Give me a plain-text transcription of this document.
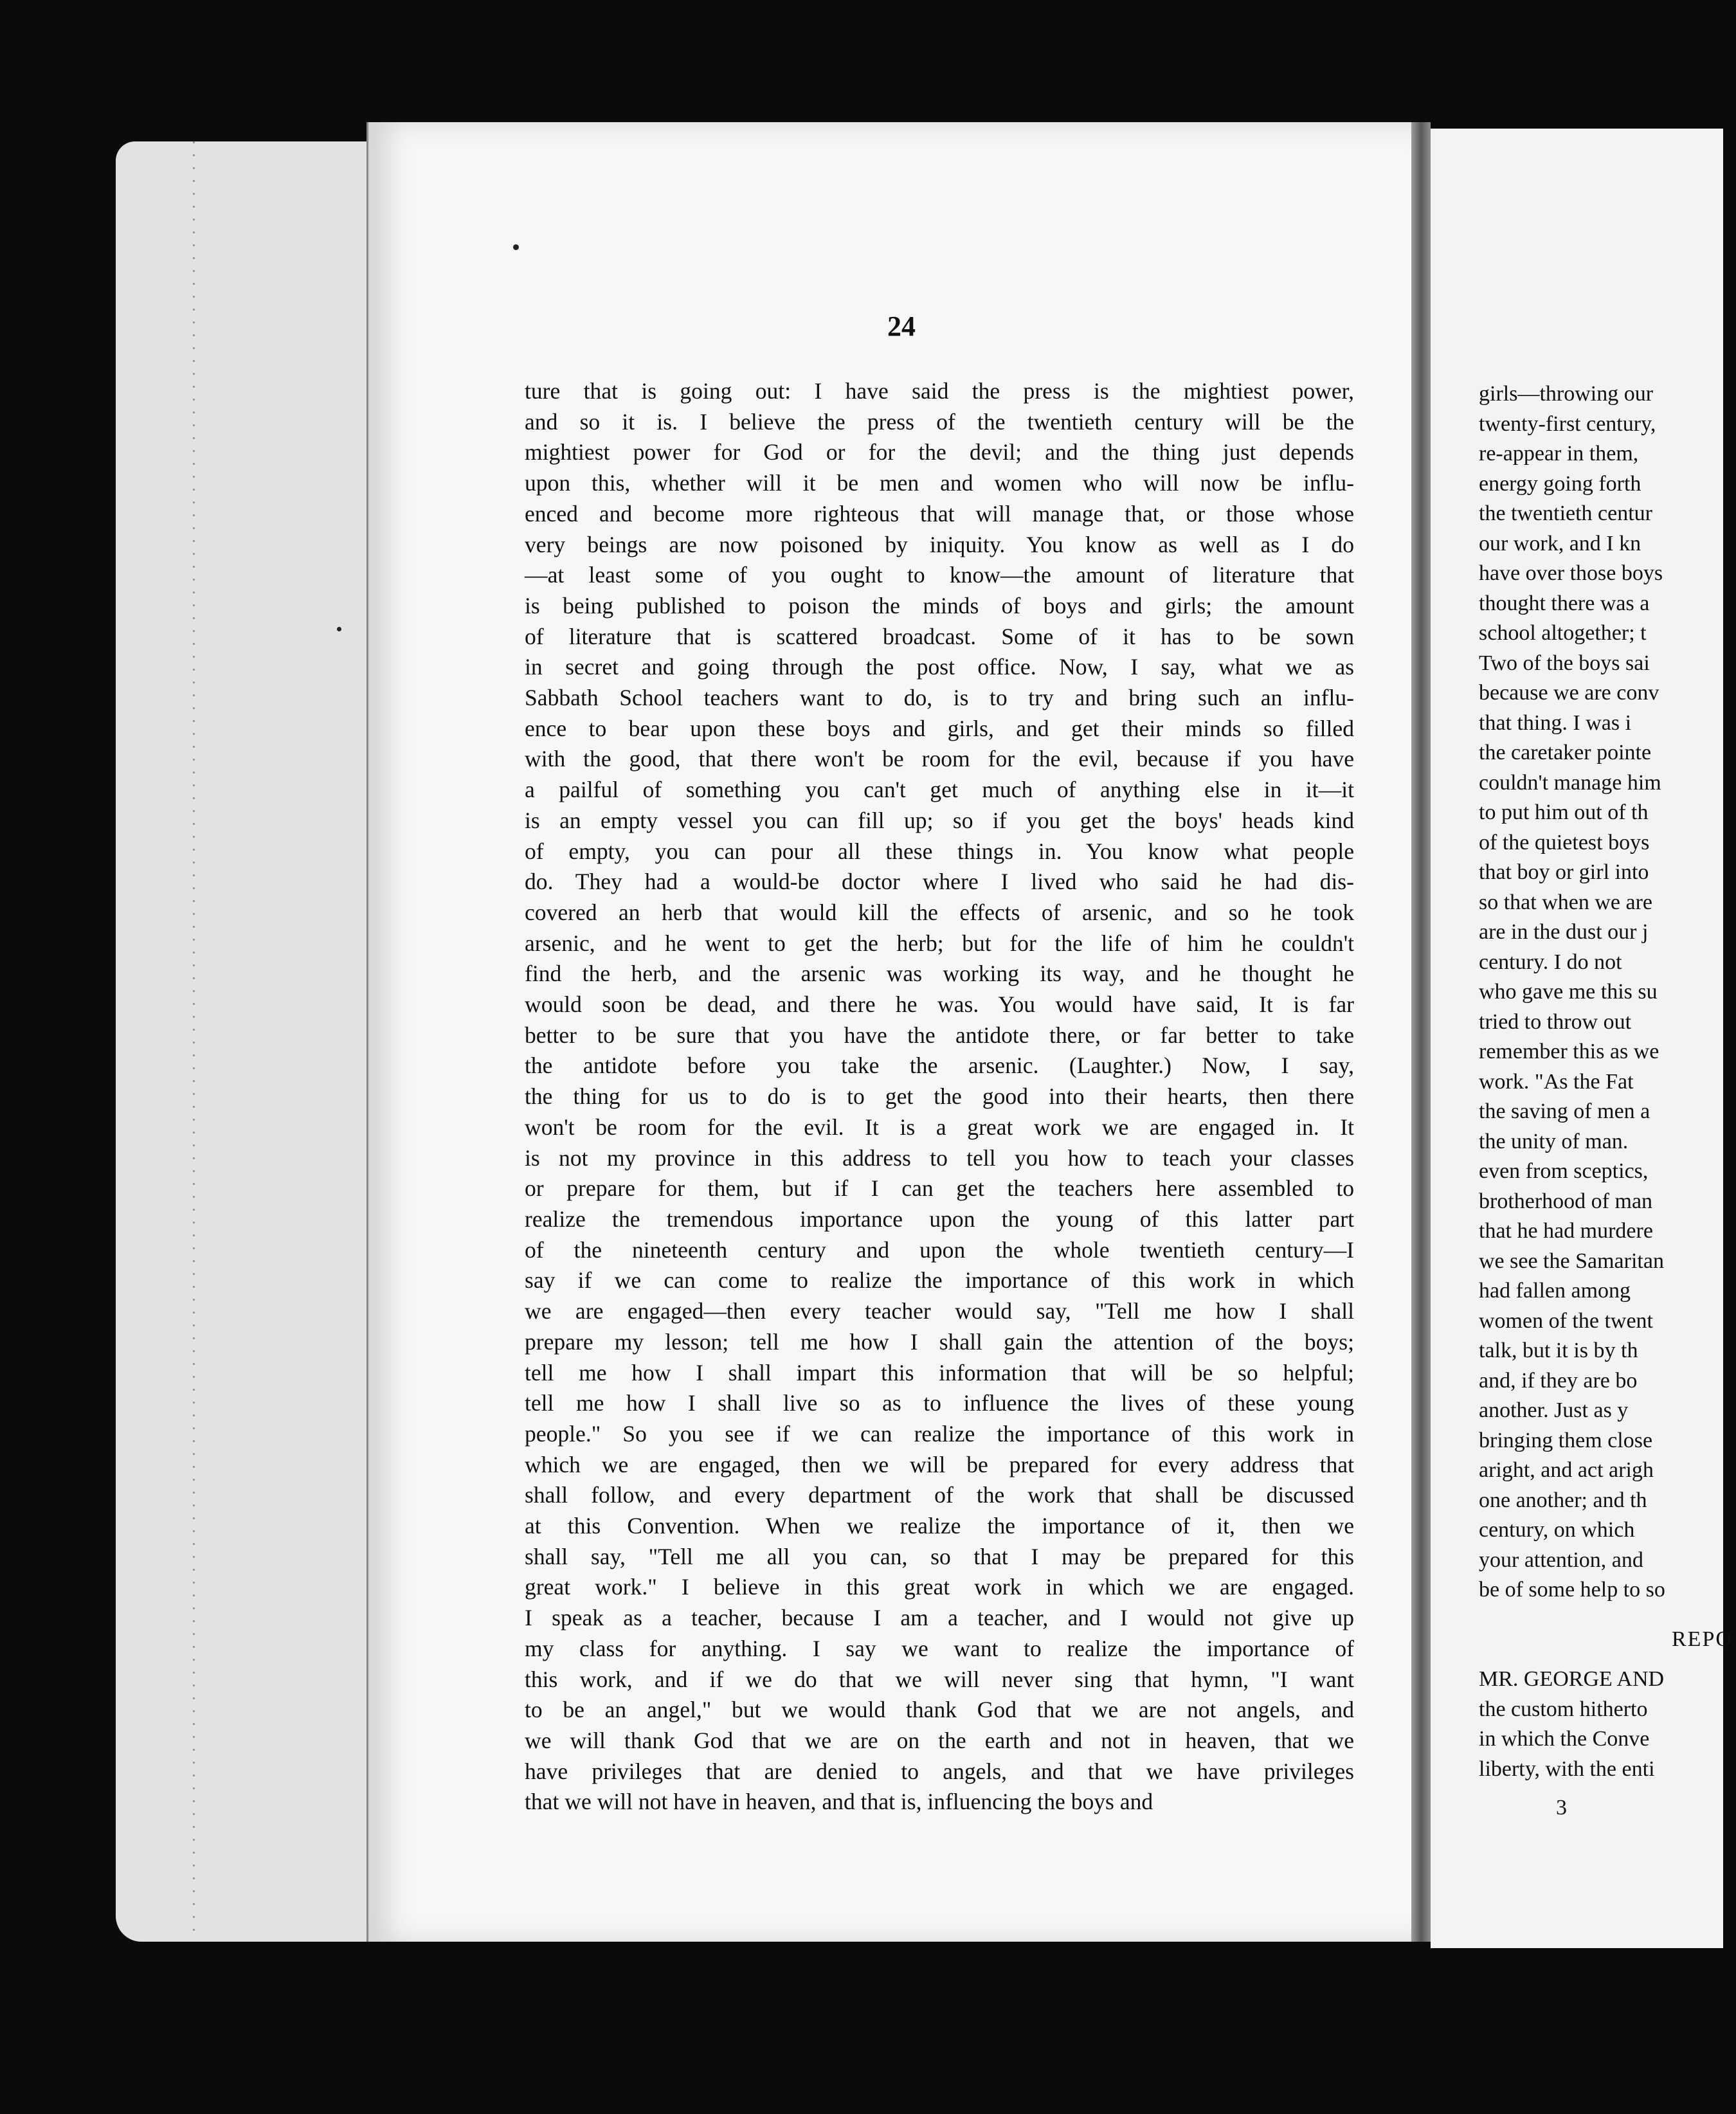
24
ture that is going out: I have said the press is the mightiest power,
and so it is. I believe the press of the twentieth century will be the
mightiest power for God or for the devil; and the thing just depends
upon this, whether will it be men and women who will now be influ-
enced and become more righteous that will manage that, or those whose
very beings are now poisoned by iniquity. You know as well as I do
—at least some of you ought to know—the amount of literature that
is being published to poison the minds of boys and girls; the amount
of literature that is scattered broadcast. Some of it has to be sown
in secret and going through the post office. Now, I say, what we as
Sabbath School teachers want to do, is to try and bring such an influ-
ence to bear upon these boys and girls, and get their minds so filled
with the good, that there won't be room for the evil, because if you have
a pailful of something you can't get much of anything else in it—it
is an empty vessel you can fill up; so if you get the boys' heads kind
of empty, you can pour all these things in. You know what people
do. They had a would-be doctor where I lived who said he had dis-
covered an herb that would kill the effects of arsenic, and so he took
arsenic, and he went to get the herb; but for the life of him he couldn't
find the herb, and the arsenic was working its way, and he thought he
would soon be dead, and there he was. You would have said, It is far
better to be sure that you have the antidote there, or far better to take
the antidote before you take the arsenic. (Laughter.) Now, I say,
the thing for us to do is to get the good into their hearts, then there
won't be room for the evil. It is a great work we are engaged in. It
is not my province in this address to tell you how to teach your classes
or prepare for them, but if I can get the teachers here assembled to
realize the tremendous importance upon the young of this latter part
of the nineteenth century and upon the whole twentieth century—I
say if we can come to realize the importance of this work in which
we are engaged—then every teacher would say, "Tell me how I shall
prepare my lesson; tell me how I shall gain the attention of the boys;
tell me how I shall impart this information that will be so helpful;
tell me how I shall live so as to influence the lives of these young
people." So you see if we can realize the importance of this work in
which we are engaged, then we will be prepared for every address that
shall follow, and every department of the work that shall be discussed
at this Convention. When we realize the importance of it, then we
shall say, "Tell me all you can, so that I may be prepared for this
great work." I believe in this great work in which we are engaged.
I speak as a teacher, because I am a teacher, and I would not give up
my class for anything. I say we want to realize the importance of
this work, and if we do that we will never sing that hymn, "I want
to be an angel," but we would thank God that we are not angels, and
we will thank God that we are on the earth and not in heaven, that we
have privileges that are denied to angels, and that we have privileges
that we will not have in heaven, and that is, influencing the boys and
girls—throwing our
twenty-first century,
re-appear in them,
energy going forth
the twentieth centur
our work, and I kn
have over those boys
thought there was a
school altogether; t
Two of the boys sai
because we are conv
that thing. I was i
the caretaker pointe
couldn't manage him
to put him out of th
of the quietest boys
that boy or girl into
so that when we are
are in the dust our j
century. I do not
who gave me this su
tried to throw out
remember this as we
work. "As the Fat
the saving of men a
the unity of man.
even from sceptics,
brotherhood of man
that he had murdere
we see the Samaritan
had fallen among
women of the twent
talk, but it is by th
and, if they are bo
another. Just as y
bringing them close
aright, and act arigh
one another; and th
century, on which
your attention, and
be of some help to so
REPO
MR. GEORGE AND
the custom hitherto
in which the Conve
liberty, with the enti
3
